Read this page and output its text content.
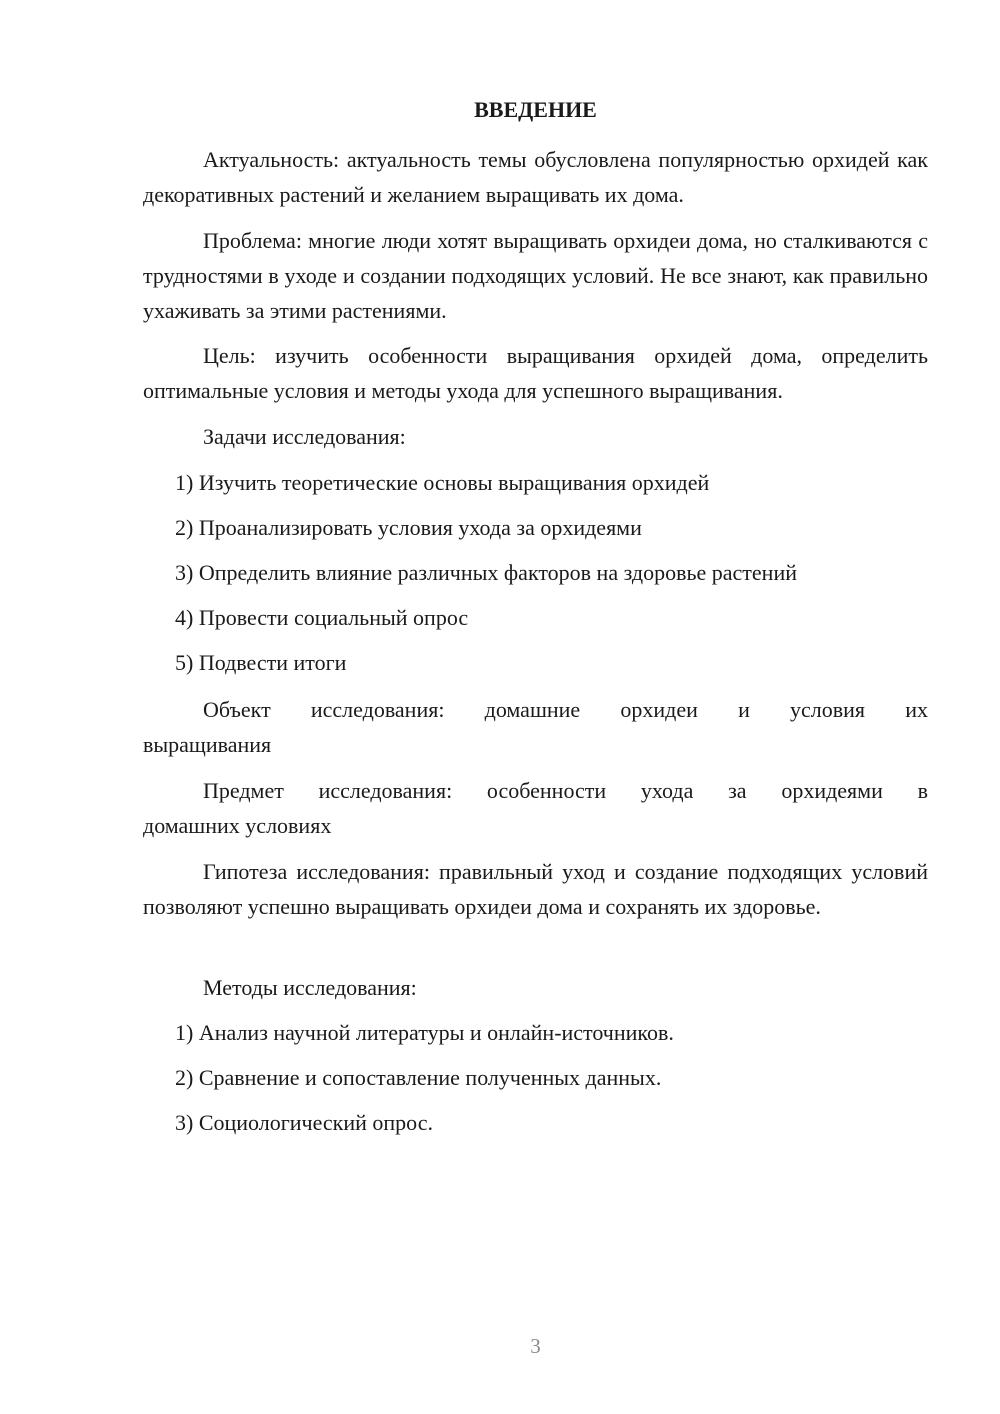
ВВЕДЕНИЕ

Актуальность: актуальность темы обусловлена популярностью орхидей как декоративных растений и желанием выращивать их дома.

Проблема: многие люди хотят выращивать орхидеи дома, но сталкиваются с трудностями в уходе и создании подходящих условий. Не все знают, как правильно ухаживать за этими растениями.

Цель: изучить особенности выращивания орхидей дома, определить оптимальные условия и методы ухода для успешного выращивания.

Задачи исследования:

1) Изучить теоретические основы выращивания орхидей
2) Проанализировать условия ухода за орхидеями
3) Определить влияние различных факторов на здоровье растений
4) Провести социальный опрос
5) Подвести итоги
Объект исследования: домашние орхидеи и условия их
выращивания
Предмет исследования: особенности ухода за орхидеями в
домашних условиях

Гипотеза исследования: правильный уход и создание подходящих условий позволяют успешно выращивать орхидеи дома и сохранять их здоровье.

Методы исследования:

1) Анализ научной литературы и онлайн-источников.
2) Сравнение и сопоставление полученных данных.
3) Социологический опрос.
3
